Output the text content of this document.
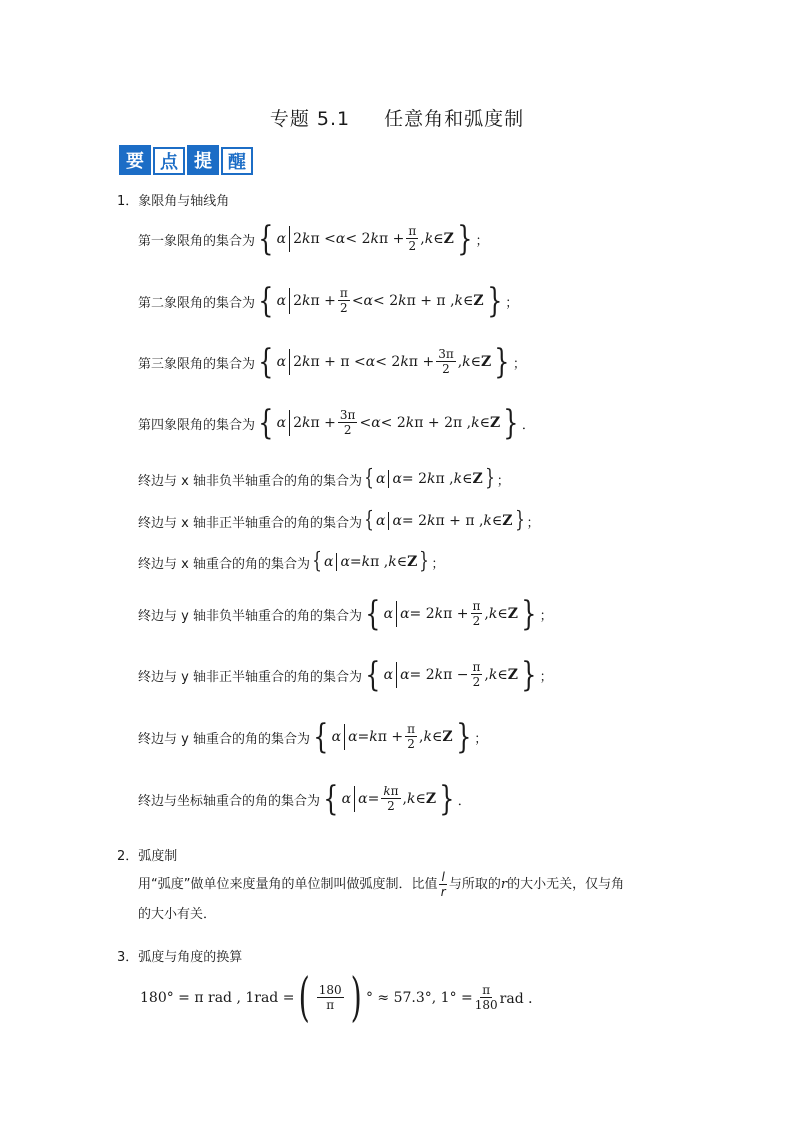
专题 5.1 任意角和弧度制
要 点 提 醒
1．象限角与轴线角
第一象限角的集合为 { α 2 k π < α < 2 k $\pi + \frac{\pi}{2}$ , k ∈ Z } ；
第二象限角的集合为 { α 2 k $\pi + \frac{\pi}{2} < \alpha < 2$ k π + π , k ∈ Z } ；
第三象限角的集合为 { α 2 k π + π < α < 2 k $\pi + \frac{3\pi}{2}$ , k ∈ Z } ；
第四象限角的集合为 { α 2 k $\pi + \frac{3\pi}{2} < \alpha < 2$ k π + 2π , k ∈ Z } ．
终边与 x 轴非负半轴重合的角的集合为 { α α = 2 k π , k ∈ Z } ；
终边与 x 轴非正半轴重合的角的集合为 { α α = 2 k π + π , k ∈ Z } ；
终边与 x 轴重合的角的集合为 { α α = k π , k ∈ Z } ；
终边与 y 轴非负半轴重合的角的集合为 { α α = 2 k $\pi + \frac{\pi}{2}$ , k ∈ Z } ；
终边与 y 轴非正半轴重合的角的集合为 { α α = 2 k $\pi - \frac{\pi}{2}$ , k ∈ Z } ；
终边与 y 轴重合的角的集合为 { α α = k $\pi + \frac{\pi}{2}$ , k ∈ Z } ；
终边与坐标轴重合的角的集合为 { α $\alpha = \frac{k\pi}{2}$ , k ∈ Z } ．
2．弧度制
用“弧度”做单位来度量角的单位制叫做弧度制．比值 $\frac{l}{r}$ 与所取的r的大小无关，仅与角
的大小有关．
3．弧度与角度的换算
180° = π rad , 1rad = ( $\frac{180}{\pi}$ ) ° ≈ 57.3°, $1^\circ = \frac{\pi}{180}$ rad ．
